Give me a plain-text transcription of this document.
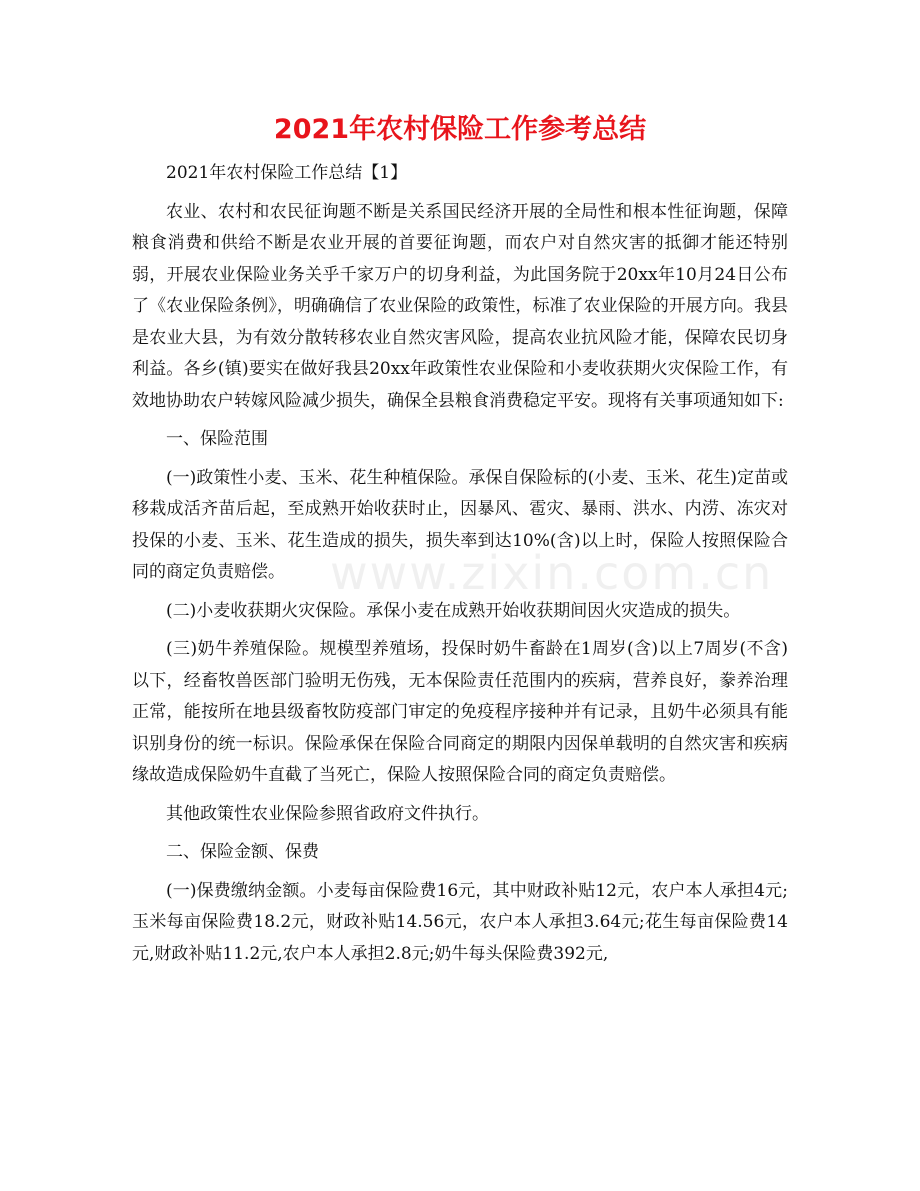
2021年农村保险工作参考总结

2021年农村保险工作总结【1】

农业、农村和农民征询题不断是关系国民经济开展的全局性和根本性征询题，保障粮食消费和供给不断是农业开展的首要征询题，而农户对自然灾害的抵御才能还特别弱，开展农业保险业务关乎千家万户的切身利益，为此国务院于20xx年10月24日公布了《农业保险条例》，明确确信了农业保险的政策性，标准了农业保险的开展方向。我县是农业大县，为有效分散转移农业自然灾害风险，提高农业抗风险才能，保障农民切身利益。各乡(镇)要实在做好我县20xx年政策性农业保险和小麦收获期火灾保险工作，有效地协助农户转嫁风险减少损失，确保全县粮食消费稳定平安。现将有关事项通知如下:

一、保险范围

(一)政策性小麦、玉米、花生种植保险。承保自保险标的(小麦、玉米、花生)定苗或移栽成活齐苗后起，至成熟开始收获时止，因暴风、雹灾、暴雨、洪水、内涝、冻灾对投保的小麦、玉米、花生造成的损失，损失率到达10%(含)以上时，保险人按照保险合同的商定负责赔偿。

(二)小麦收获期火灾保险。承保小麦在成熟开始收获期间因火灾造成的损失。

(三)奶牛养殖保险。规模型养殖场，投保时奶牛畜龄在1周岁(含)以上7周岁(不含)以下，经畜牧兽医部门验明无伤残，无本保险责任范围内的疾病，营养良好，豢养治理正常，能按所在地县级畜牧防疫部门审定的免疫程序接种并有记录，且奶牛必须具有能识别身份的统一标识。保险承保在保险合同商定的期限内因保单载明的自然灾害和疾病缘故造成保险奶牛直截了当死亡，保险人按照保险合同的商定负责赔偿。

其他政策性农业保险参照省政府文件执行。

二、保险金额、保费

(一)保费缴纳金额。小麦每亩保险费16元，其中财政补贴12元，农户本人承担4元;玉米每亩保险费18.2元，财政补贴14.56元，农户本人承担3.64元;花生每亩保险费14元,财政补贴11.2元,农户本人承担2.8元;奶牛每头保险费392元,

www.zixin.com.cn
